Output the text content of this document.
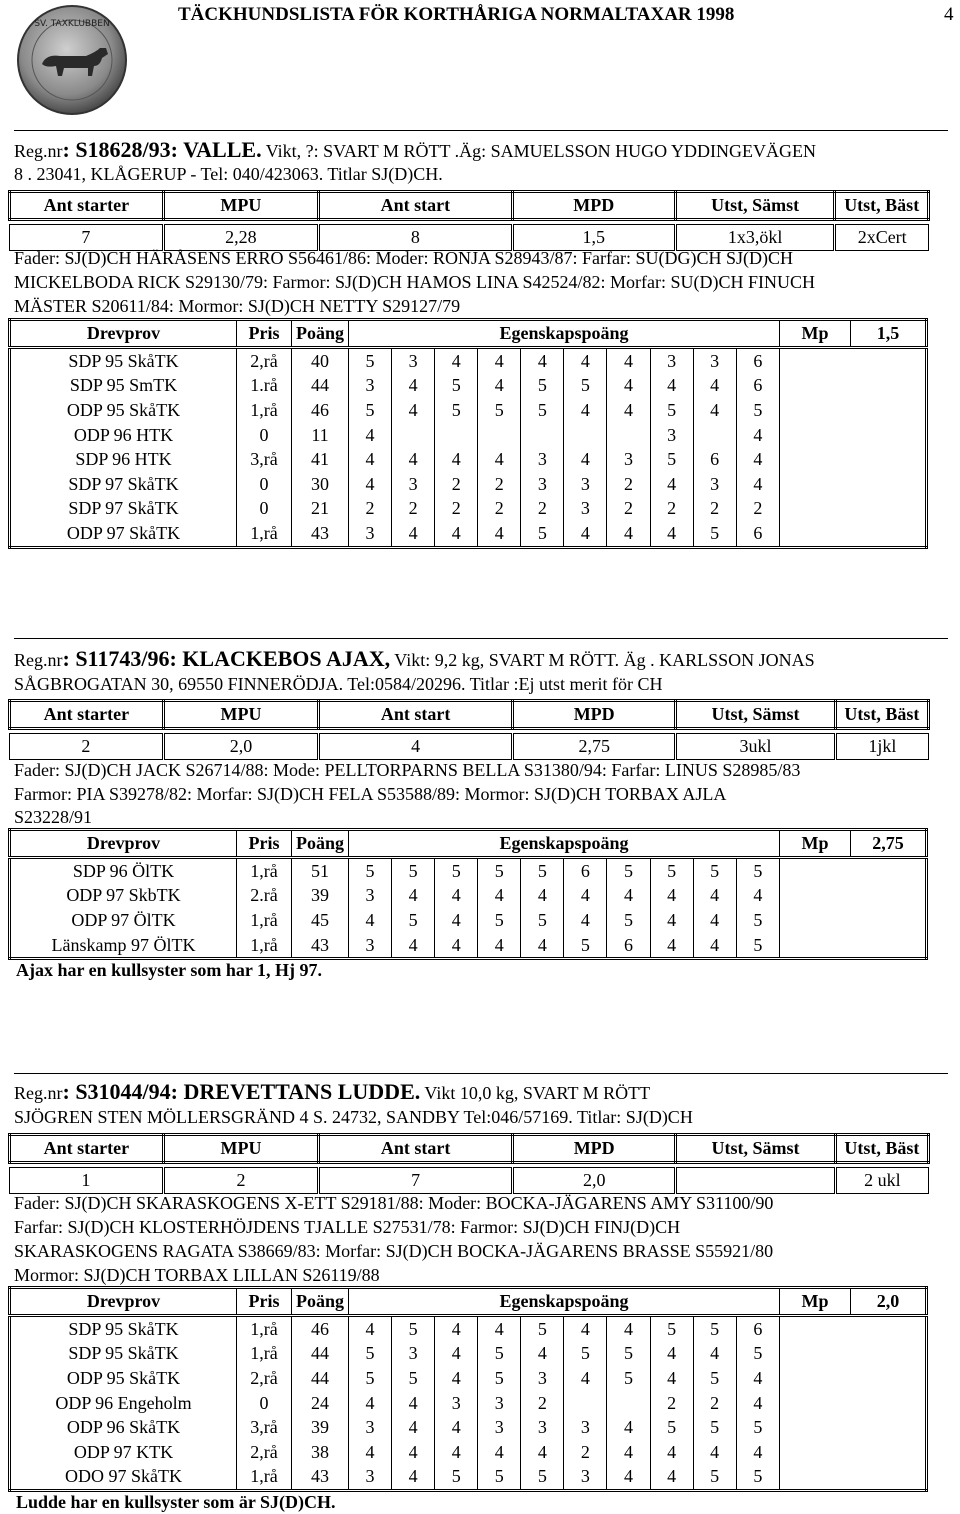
TÄCKHUNDSLISTA FÖR KORTHÅRIGA NORMALTAXAR 1998	4
SV. TAXKLUBBEN
Reg.nr: S18628/93: VALLE. Vikt, ?: SVART M RÖTT .Äg: SAMUELSSON HUGO YDDINGEVÄGEN
8 . 23041, KLÅGERUP - Tel: 040/423063. Titlar SJ(D)CH.
Ant starter	MPU	Ant start	MPD	Utst, Sämst	Utst, Bäst

7	2,28	8	1,5	1x3,ökl	2xCert
Fader: SJ(D)CH HÄRÅSENS ERRO S56461/86: Moder: RONJA S28943/87: Farfar: SU(DG)CH SJ(D)CH
MICKELBODA RICK S29130/79: Farmor: SJ(D)CH HAMOS LINA S42524/82: Morfar: SU(D)CH FINUCH
MÄSTER S20611/84: Mormor: SJ(D)CH NETTY S29127/79
Drevprov	Pris	Poäng	Egenskapspoäng										Mp	1,5
SDP 95 SkåTK	2,rå	40	5	3	4	4	4	4	4	3	3	6		
SDP 95 SmTK	1.rå	44	3	4	5	4	5	5	4	4	4	6		
ODP 95 SkåTK	1,rå	46	5	4	5	5	5	4	4	5	4	5		
ODP 96 HTK	0	11	4							3		4		
SDP 96 HTK	3,rå	41	4	4	4	4	3	4	3	5	6	4		
SDP 97 SkåTK	0	30	4	3	2	2	3	3	2	4	3	4		
SDP 97 SkåTK	0	21	2	2	2	2	2	3	2	2	2	2		
ODP 97 SkåTK	1,rå	43	3	4	4	4	5	4	4	4	5	6		
Reg.nr: S11743/96: KLACKEBOS AJAX, Vikt: 9,2 kg, SVART M RÖTT. Äg . KARLSSON JONAS
SÅGBROGATAN 30, 69550 FINNERÖDJA. Tel:0584/20296. Titlar :Ej utst merit för CH
Ant starter	MPU	Ant start	MPD	Utst, Sämst	Utst, Bäst

2	2,0	4	2,75	3ukl	1jkl
Fader: SJ(D)CH JACK S26714/88: Mode: PELLTORPARNS BELLA S31380/94: Farfar: LINUS S28985/83
Farmor: PIA S39278/82: Morfar: SJ(D)CH FELA S53588/89: Mormor: SJ(D)CH TORBAX AJLA
S23228/91
Drevprov	Pris	Poäng	Egenskapspoäng										Mp	2,75
SDP 96 ÖlTK	1,rå	51	5	5	5	5	5	6	5	5	5	5		
ODP 97 SkbTK	2.rå	39	3	4	4	4	4	4	4	4	4	4		
ODP 97 ÖlTK	1,rå	45	4	5	4	5	5	4	5	4	4	5		
Länskamp 97 ÖlTK	1,rå	43	3	4	4	4	4	5	6	4	4	5		
Ajax har en kullsyster som har 1, Hj 97.
Reg.nr: S31044/94: DREVETTANS LUDDE. Vikt 10,0 kg, SVART M RÖTT
SJÖGREN STEN MÖLLERSGRÄND 4 S. 24732, SANDBY Tel:046/57169. Titlar: SJ(D)CH
Ant starter	MPU	Ant start	MPD	Utst, Sämst	Utst, Bäst

1	2	7	2,0		2 ukl
Fader: SJ(D)CH SKARASKOGENS X-ETT S29181/88: Moder: BOCKA-JÄGARENS AMY S31100/90
Farfar: SJ(D)CH KLOSTERHÖJDENS TJALLE S27531/78: Farmor: SJ(D)CH FINJ(D)CH
SKARASKOGENS RAGATA S38669/83: Morfar: SJ(D)CH BOCKA-JÄGARENS BRASSE S55921/80
Mormor: SJ(D)CH TORBAX LILLAN S26119/88
Drevprov	Pris	Poäng	Egenskapspoäng										Mp	2,0
SDP 95 SkåTK	1,rå	46	4	5	4	4	5	4	4	5	5	6		
SDP 95 SkåTK	1,rå	44	5	3	4	5	4	5	5	4	4	5		
ODP 95 SkåTK	2,rå	44	5	5	4	5	3	4	5	4	5	4		
ODP 96 Engeholm	0	24	4	4	3	3	2			2	2	4		
ODP 96 SkåTK	3,rå	39	3	4	4	3	3	3	4	5	5	5		
ODP 97 KTK	2,rå	38	4	4	4	4	4	2	4	4	4	4		
ODO 97 SkåTK	1,rå	43	3	4	5	5	5	3	4	4	5	5		
Ludde har en kullsyster som är SJ(D)CH.
